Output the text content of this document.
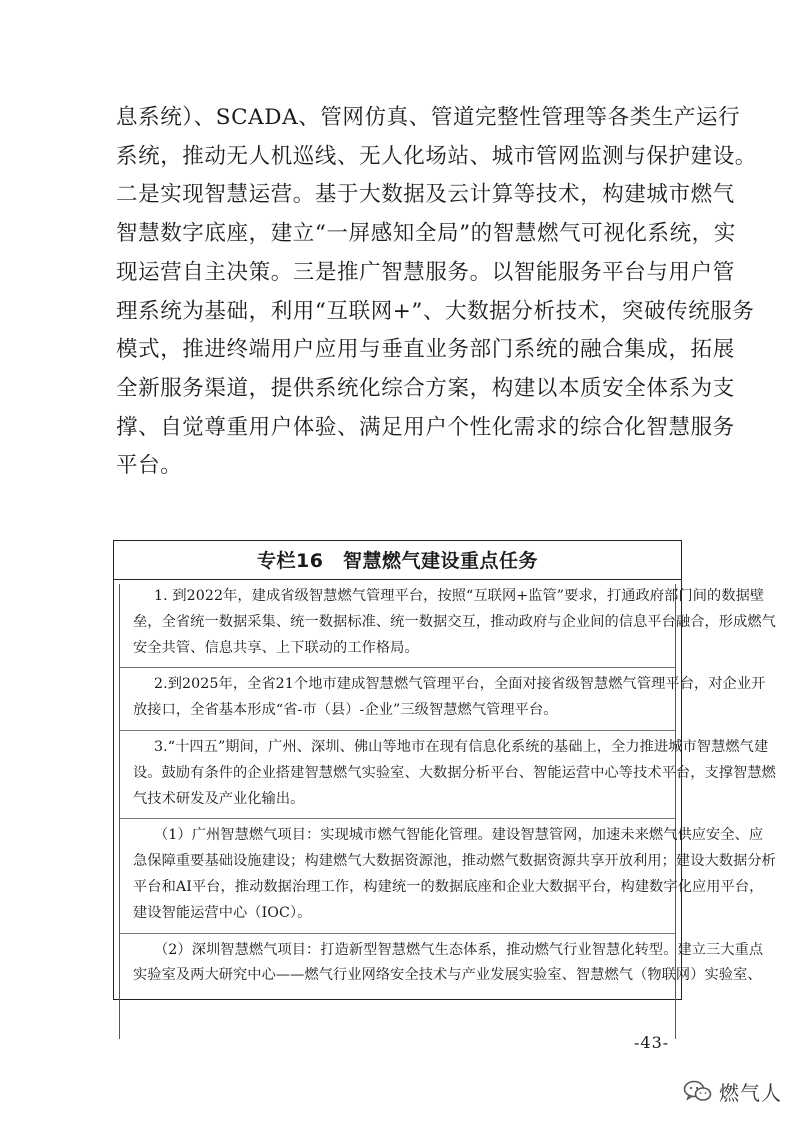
息系统）、SCADA、管网仿真、管道完整性管理等各类生产运行
系统，推动无人机巡线、无人化场站、城市管网监测与保护建设。
二是实现智慧运营。基于大数据及云计算等技术，构建城市燃气
智慧数字底座，建立“一屏感知全局”的智慧燃气可视化系统，实
现运营自主决策。三是推广智慧服务。以智能服务平台与用户管
理系统为基础，利用“互联网+”、大数据分析技术，突破传统服务
模式，推进终端用户应用与垂直业务部门系统的融合集成，拓展
全新服务渠道，提供系统化综合方案，构建以本质安全体系为支
撑、自觉尊重用户体验、满足用户个性化需求的综合化智慧服务
平台。
专栏16　智慧燃气建设重点任务
1. 到2022年，建成省级智慧燃气管理平台，按照“互联网+监管”要求，打通政府部门间的数据壁
垒，全省统一数据采集、统一数据标准、统一数据交互，推动政府与企业间的信息平台融合，形成燃气
安全共管、信息共享、上下联动的工作格局。
2.到2025年，全省21个地市建成智慧燃气管理平台，全面对接省级智慧燃气管理平台，对企业开
放接口，全省基本形成“省-市（县）-企业”三级智慧燃气管理平台。
3.“十四五”期间，广州、深圳、佛山等地市在现有信息化系统的基础上，全力推进城市智慧燃气建
设。鼓励有条件的企业搭建智慧燃气实验室、大数据分析平台、智能运营中心等技术平台，支撑智慧燃
气技术研发及产业化输出。
（1）广州智慧燃气项目：实现城市燃气智能化管理。建设智慧管网，加速未来燃气供应安全、应
急保障重要基础设施建设；构建燃气大数据资源池，推动燃气数据资源共享开放利用；建设大数据分析
平台和AI平台，推动数据治理工作，构建统一的数据底座和企业大数据平台，构建数字化应用平台，
建设智能运营中心（IOC）。
（2）深圳智慧燃气项目：打造新型智慧燃气生态体系，推动燃气行业智慧化转型。建立三大重点
实验室及两大研究中心——燃气行业网络安全技术与产业发展实验室、智慧燃气（物联网）实验室、
-43-
燃气人
